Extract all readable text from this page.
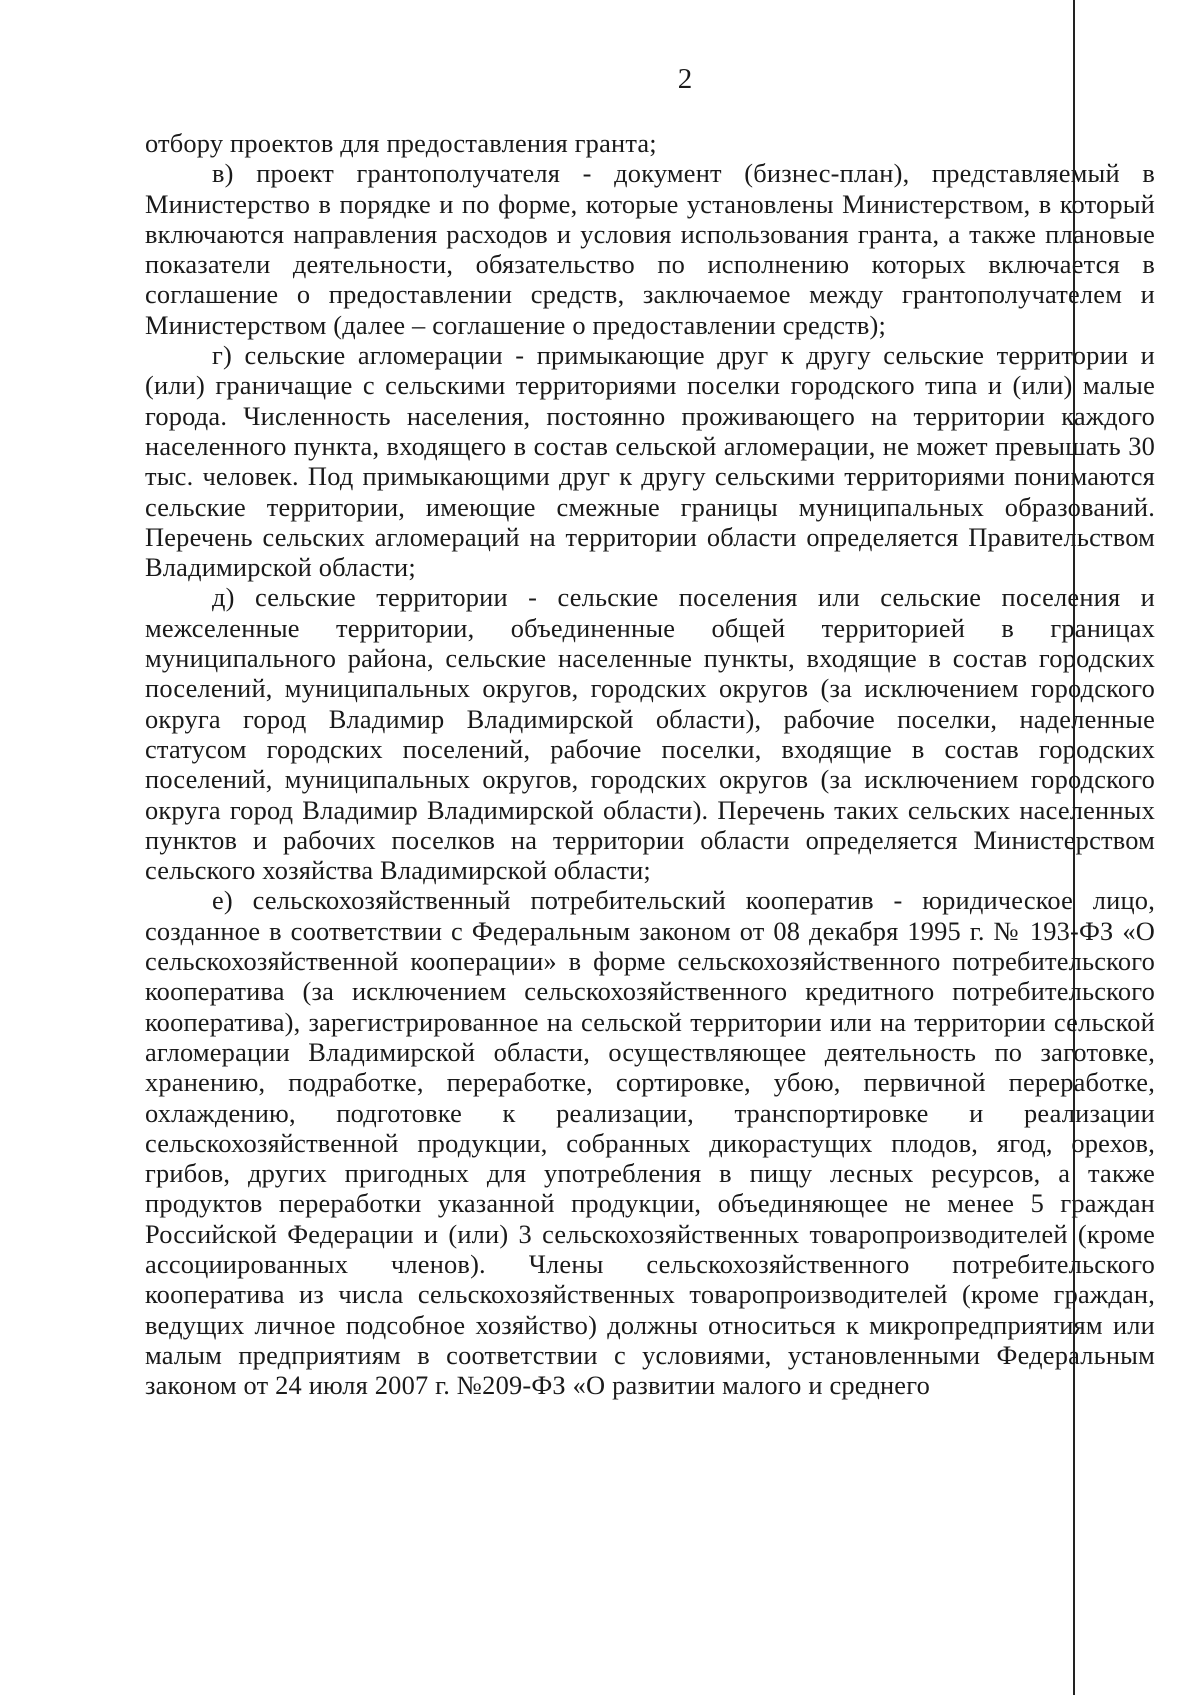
2

отбору проектов для предоставления гранта;

в) проект грантополучателя - документ (бизнес-план), представляемый в Министерство в порядке и по форме, которые установлены Министерством, в который включаются направления расходов и условия использования гранта, а также плановые показатели деятельности, обязательство по исполнению которых включается в соглашение о предоставлении средств, заключаемое между грантополучателем и Министерством (далее – соглашение о предоставлении средств);

г) сельские агломерации - примыкающие друг к другу сельские территории и (или) граничащие с сельскими территориями поселки городского типа и (или) малые города. Численность населения, постоянно проживающего на территории каждого населенного пункта, входящего в состав сельской агломерации, не может превышать 30 тыс. человек. Под примыкающими друг к другу сельскими территориями понимаются сельские территории, имеющие смежные границы муниципальных образований. Перечень сельских агломераций на территории области определяется Правительством Владимирской области;

д) сельские территории - сельские поселения или сельские поселения и межселенные территории, объединенные общей территорией в границах муниципального района, сельские населенные пункты, входящие в состав городских поселений, муниципальных округов, городских округов (за исключением городского округа город Владимир Владимирской области), рабочие поселки, наделенные статусом городских поселений, рабочие поселки, входящие в состав городских поселений, муниципальных округов, городских округов (за исключением городского округа город Владимир Владимирской области). Перечень таких сельских населенных пунктов и рабочих поселков на территории области определяется Министерством сельского хозяйства Владимирской области;

е) сельскохозяйственный потребительский кооператив - юридическое лицо, созданное в соответствии с Федеральным законом от 08 декабря 1995 г. № 193-ФЗ «О сельскохозяйственной кооперации» в форме сельскохозяйственного потребительского кооператива (за исключением сельскохозяйственного кредитного потребительского кооператива), зарегистрированное на сельской территории или на территории сельской агломерации Владимирской области, осуществляющее деятельность по заготовке, хранению, подработке, переработке, сортировке, убою, первичной переработке, охлаждению, подготовке к реализации, транспортировке и реализации сельскохозяйственной продукции, собранных дикорастущих плодов, ягод, орехов, грибов, других пригодных для употребления в пищу лесных ресурсов, а также продуктов переработки указанной продукции, объединяющее не менее 5 граждан Российской Федерации и (или) 3 сельскохозяйственных товаропроизводителей (кроме ассоциированных членов). Члены сельскохозяйственного потребительского кооператива из числа сельскохозяйственных товаропроизводителей (кроме граждан, ведущих личное подсобное хозяйство) должны относиться к микропредприятиям или малым предприятиям в соответствии с условиями, установленными Федеральным законом от 24 июля 2007 г. №209-ФЗ «О развитии малого и среднего
